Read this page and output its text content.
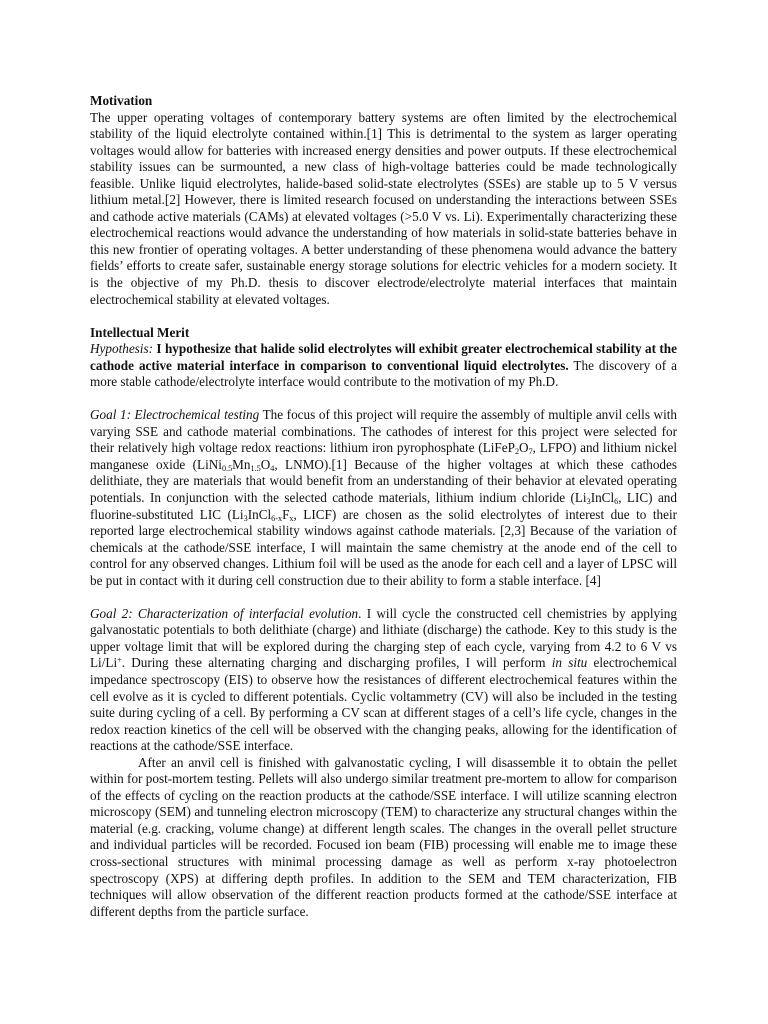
Motivation

The upper operating voltages of contemporary battery systems are often limited by the electrochemical stability of the liquid electrolyte contained within.[1] This is detrimental to the system as larger operating voltages would allow for batteries with increased energy densities and power outputs. If these electrochemical stability issues can be surmounted, a new class of high-voltage batteries could be made technologically feasible. Unlike liquid electrolytes, halide-based solid-state electrolytes (SSEs) are stable up to 5 V versus lithium metal.[2] However, there is limited research focused on understanding the interactions between SSEs and cathode active materials (CAMs) at elevated voltages (>5.0 V vs. Li). Experimentally characterizing these electrochemical reactions would advance the understanding of how materials in solid-state batteries behave in this new frontier of operating voltages. A better understanding of these phenomena would advance the battery fields’ efforts to create safer, sustainable energy storage solutions for electric vehicles for a modern society. It is the objective of my Ph.D. thesis to discover electrode/electrolyte material interfaces that maintain electrochemical stability at elevated voltages.

Intellectual Merit

Hypothesis: I hypothesize that halide solid electrolytes will exhibit greater electrochemical stability at the cathode active material interface in comparison to conventional liquid electrolytes. The discovery of a more stable cathode/electrolyte interface would contribute to the motivation of my Ph.D.

Goal 1: Electrochemical testing The focus of this project will require the assembly of multiple anvil cells with varying SSE and cathode material combinations. The cathodes of interest for this project were selected for their relatively high voltage redox reactions: lithium iron pyrophosphate ($LiFeP_2O_7$, LFPO) and lithium nickel manganese oxide ($LiNi_{0.5}Mn_{1.5}O_4$, LNMO).[1] Because of the higher voltages at which these cathodes delithiate, they are materials that would benefit from an understanding of their behavior at elevated operating potentials. In conjunction with the selected cathode materials, lithium indium chloride ($Li_3InCl_6$, LIC) and fluorine-substituted LIC ($Li_3InCl_{6-x}F_x$, LICF) are chosen as the solid electrolytes of interest due to their reported large electrochemical stability windows against cathode materials. [2,3] Because of the variation of chemicals at the cathode/SSE interface, I will maintain the same chemistry at the anode end of the cell to control for any observed changes. Lithium foil will be used as the anode for each cell and a layer of LPSC will be put in contact with it during cell construction due to their ability to form a stable interface. [4]

Goal 2: Characterization of interfacial evolution. I will cycle the constructed cell chemistries by applying galvanostatic potentials to both delithiate (charge) and lithiate (discharge) the cathode. Key to this study is the upper voltage limit that will be explored during the charging step of each cycle, varying from 4.2 to 6 V vs Li/Li+. During these alternating charging and discharging profiles, I will perform in situ electrochemical impedance spectroscopy (EIS) to observe how the resistances of different electrochemical features within the cell evolve as it is cycled to different potentials. Cyclic voltammetry (CV) will also be included in the testing suite during cycling of a cell. By performing a CV scan at different stages of a cell’s life cycle, changes in the redox reaction kinetics of the cell will be observed with the changing peaks, allowing for the identification of reactions at the cathode/SSE interface.

After an anvil cell is finished with galvanostatic cycling, I will disassemble it to obtain the pellet within for post-mortem testing. Pellets will also undergo similar treatment pre-mortem to allow for comparison of the effects of cycling on the reaction products at the cathode/SSE interface. I will utilize scanning electron microscopy (SEM) and tunneling electron microscopy (TEM) to characterize any structural changes within the material (e.g. cracking, volume change) at different length scales. The changes in the overall pellet structure and individual particles will be recorded. Focused ion beam (FIB) processing will enable me to image these cross-sectional structures with minimal processing damage as well as perform x-ray photoelectron spectroscopy (XPS) at differing depth profiles. In addition to the SEM and TEM characterization, FIB techniques will allow observation of the different reaction products formed at the cathode/SSE interface at different depths from the particle surface.
